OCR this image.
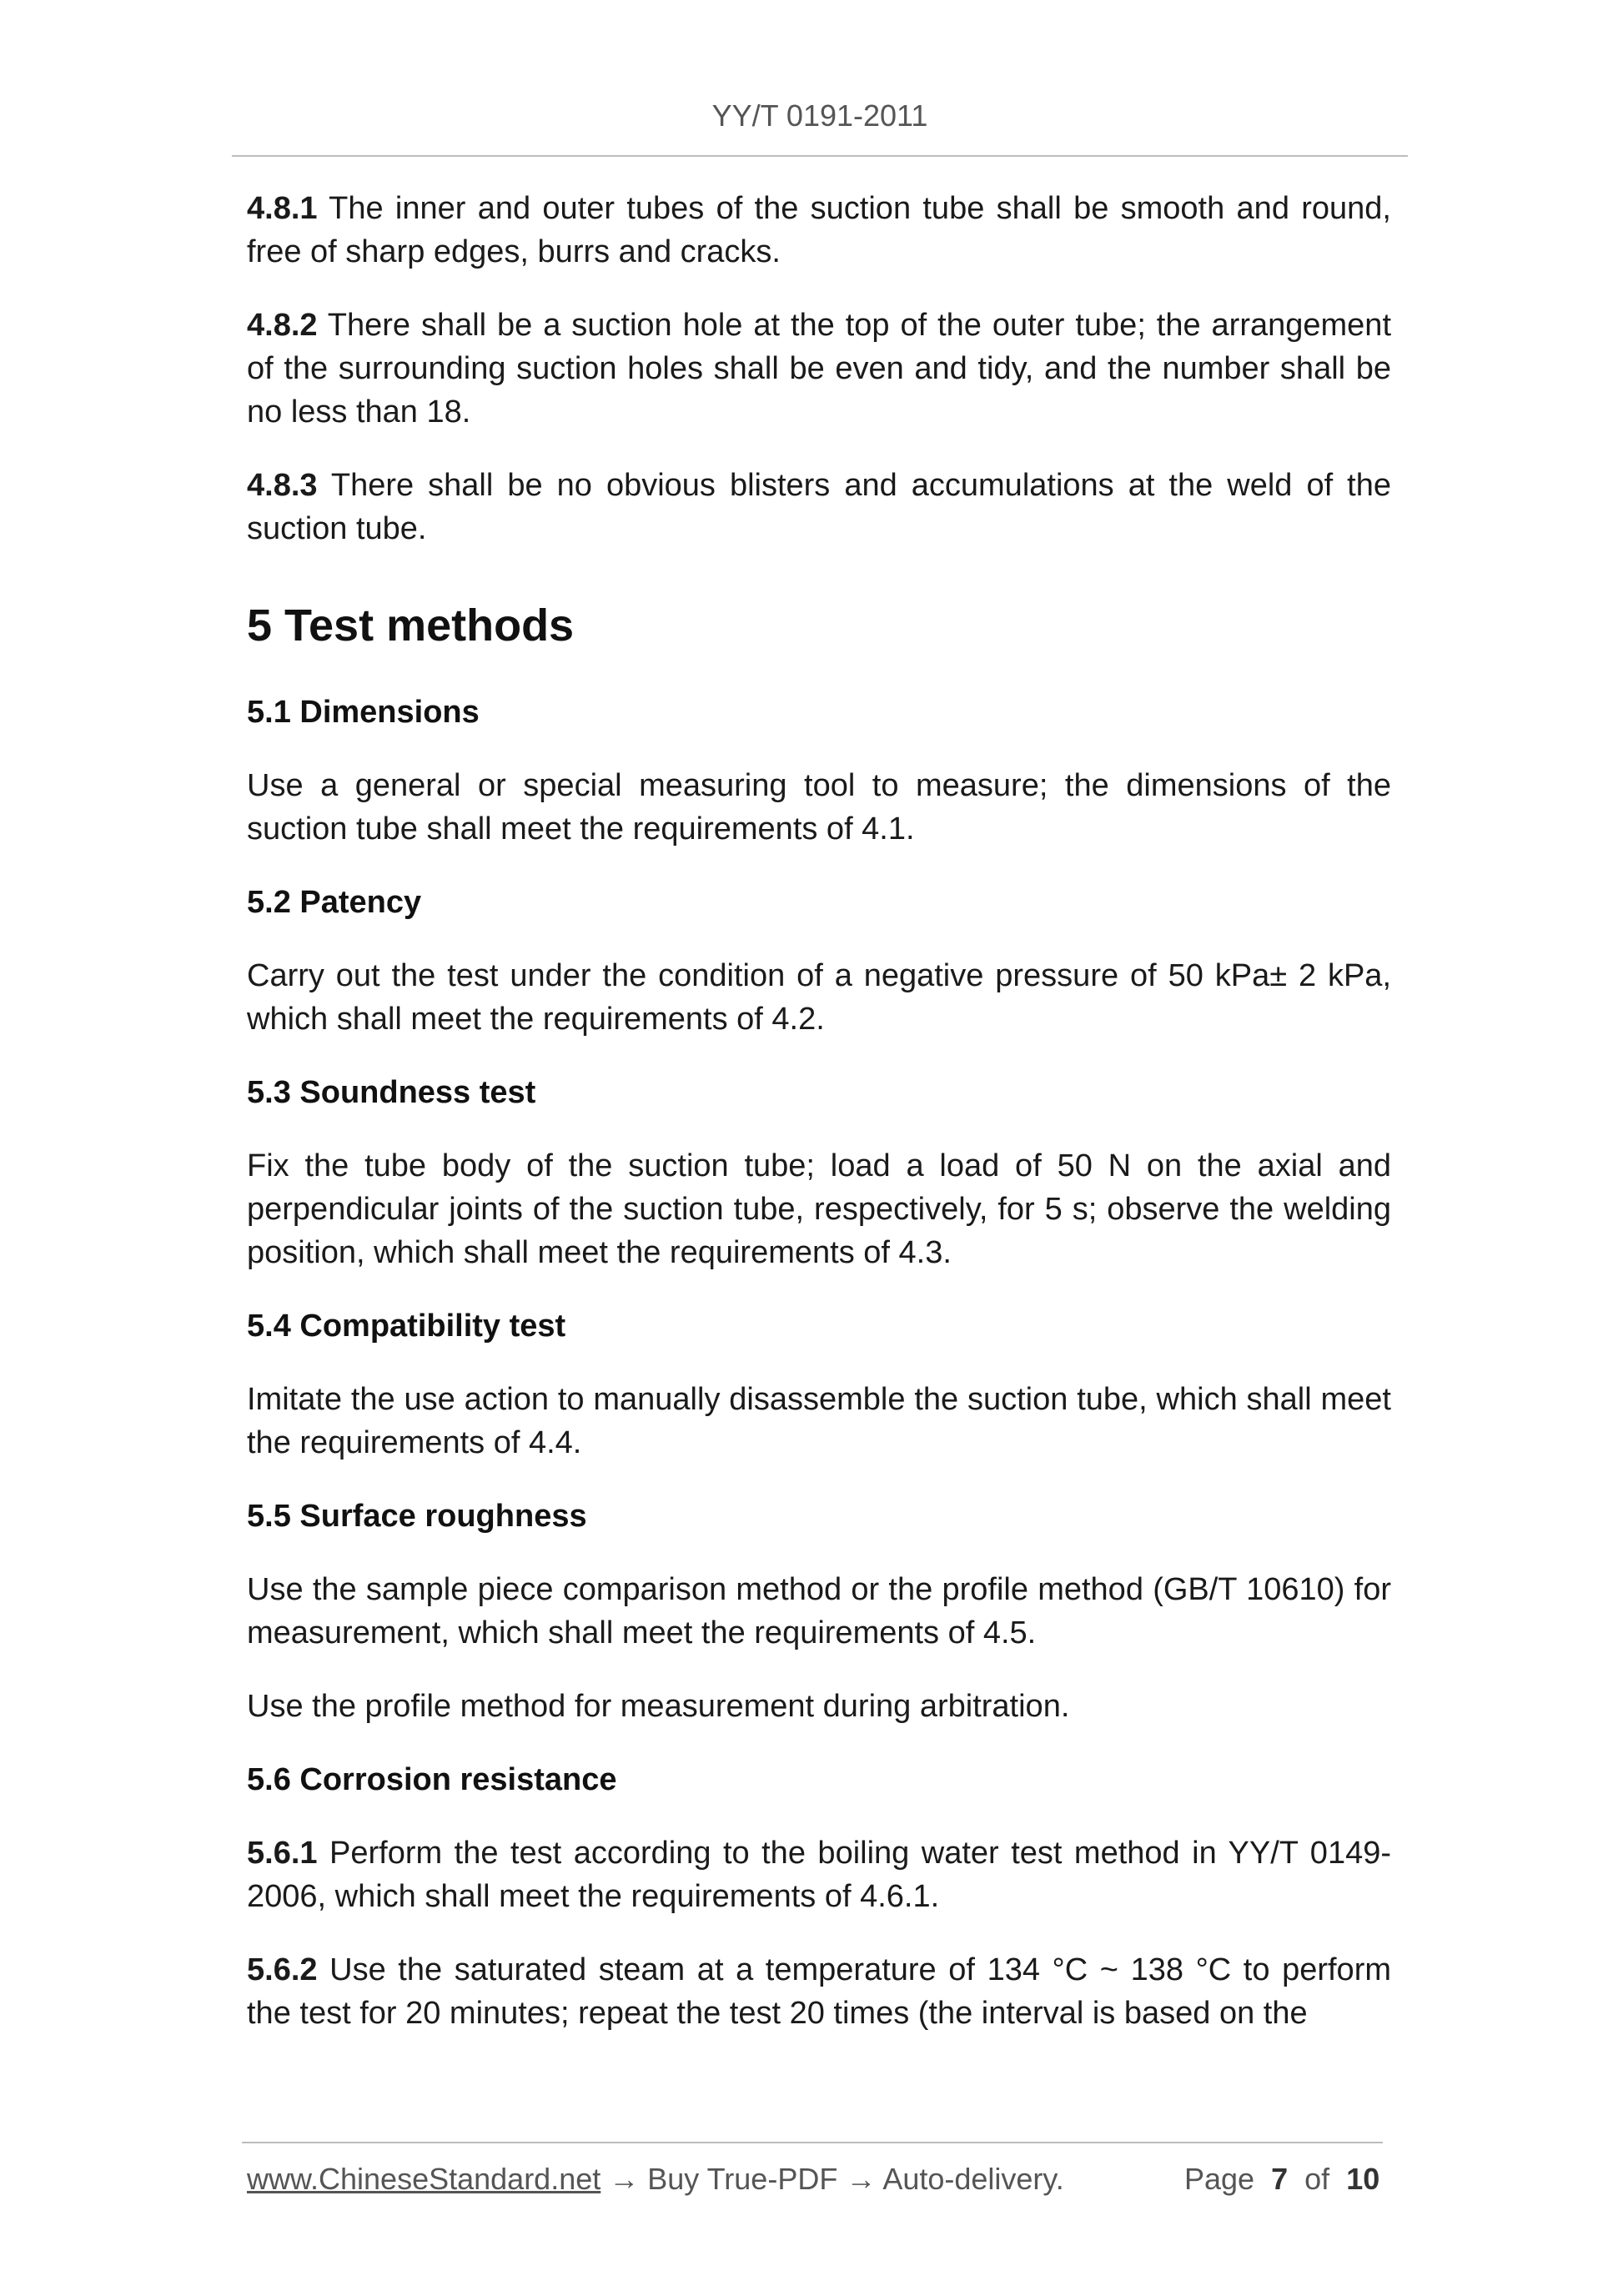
YY/T 0191-2011

4.8.1 The inner and outer tubes of the suction tube shall be smooth and round, free of sharp edges, burrs and cracks.

4.8.2 There shall be a suction hole at the top of the outer tube; the arrangement of the surrounding suction holes shall be even and tidy, and the number shall be no less than 18.

4.8.3 There shall be no obvious blisters and accumulations at the weld of the suction tube.

5 Test methods
5.1 Dimensions

Use a general or special measuring tool to measure; the dimensions of the suction tube shall meet the requirements of 4.1.

5.2 Patency

Carry out the test under the condition of a negative pressure of 50 kPa± 2 kPa, which shall meet the requirements of 4.2.

5.3 Soundness test

Fix the tube body of the suction tube; load a load of 50 N on the axial and perpendicular joints of the suction tube, respectively, for 5 s; observe the welding position, which shall meet the requirements of 4.3.

5.4 Compatibility test

Imitate the use action to manually disassemble the suction tube, which shall meet the requirements of 4.4.

5.5 Surface roughness

Use the sample piece comparison method or the profile method (GB/T 10610) for measurement, which shall meet the requirements of 4.5.

Use the profile method for measurement during arbitration.

5.6 Corrosion resistance

5.6.1 Perform the test according to the boiling water test method in YY/T 0149-2006, which shall meet the requirements of 4.6.1.

5.6.2 Use the saturated steam at a temperature of 134 °C ~ 138 °C to perform the test for 20 minutes; repeat the test 20 times (the interval is based on the

www.ChineseStandard.net → Buy True-PDF → Auto-delivery.	Page 7 of 10
